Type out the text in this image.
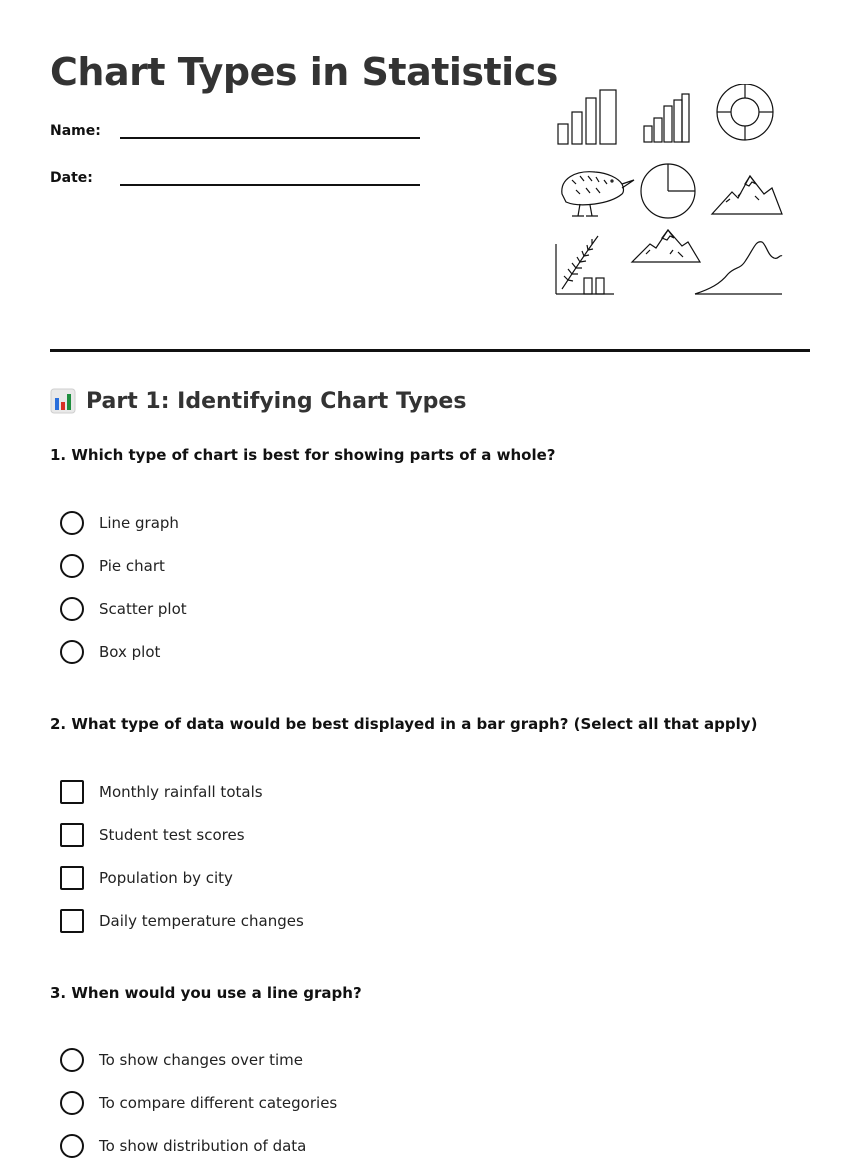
Chart Types in Statistics
Name:
Date:
Part 1: Identifying Chart Types
1. Which type of chart is best for showing parts of a whole?
Line graph
Pie chart
Scatter plot
Box plot
2. What type of data would be best displayed in a bar graph? (Select all that apply)
Monthly rainfall totals
Student test scores
Population by city
Daily temperature changes
3. When would you use a line graph?
To show changes over time
To compare different categories
To show distribution of data
